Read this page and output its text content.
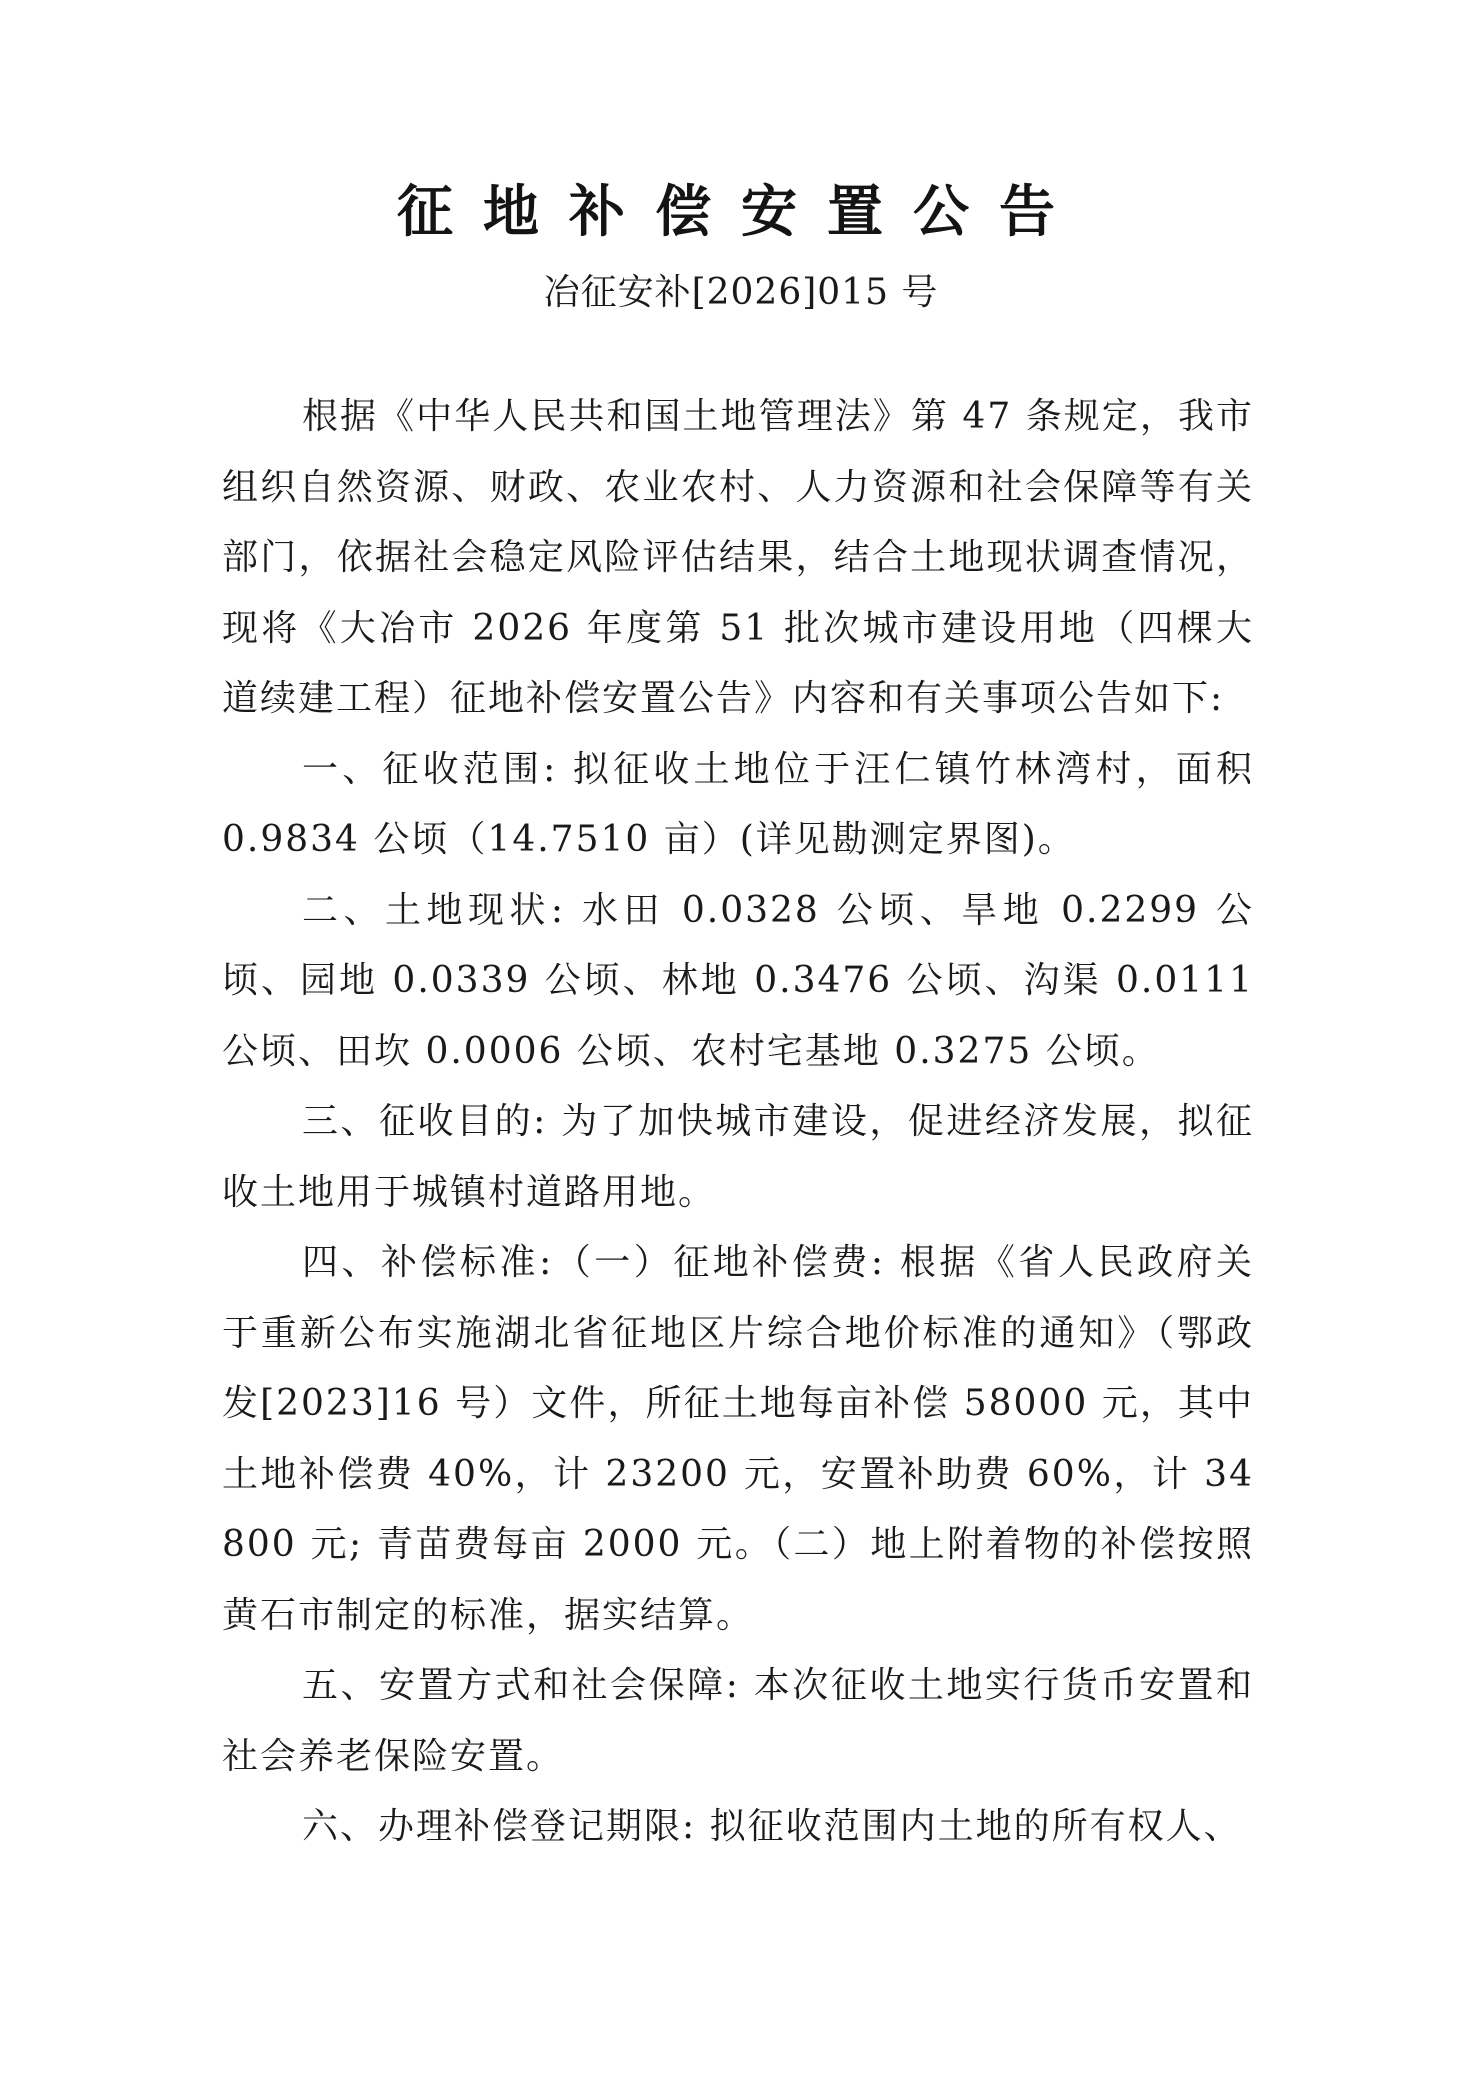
征地补偿安置公告
冶征安补[2026]015 号

根据《中华人民共和国土地管理法》第 47 条规定，我市组织自然资源、财政、农业农村、人力资源和社会保障等有关部门，依据社会稳定风险评估结果，结合土地现状调查情况，现将《大冶市 2026 年度第 51 批次城市建设用地（四棵大道续建工程）征地补偿安置公告》内容和有关事项公告如下:

一、征收范围: 拟征收土地位于汪仁镇竹林湾村，面积 0.9834 公顷（14.7510 亩）(详见勘测定界图)。

二、土地现状: 水田 0.0328 公顷、旱地 0.2299 公顷、园地 0.0339 公顷、林地 0.3476 公顷、沟渠 0.0111 公顷、田坎 0.0006 公顷、农村宅基地 0.3275 公顷。

三、征收目的: 为了加快城市建设，促进经济发展，拟征收土地用于城镇村道路用地。

四、补偿标准:（一）征地补偿费: 根据《省人民政府关于重新公布实施湖北省征地区片综合地价标准的通知》（鄂政发[2023]16 号）文件，所征土地每亩补偿 58000 元，其中土地补偿费 40%，计 23200 元，安置补助费 60%，计 34800 元; 青苗费每亩 2000 元。（二）地上附着物的补偿按照黄石市制定的标准，据实结算。

五、安置方式和社会保障: 本次征收土地实行货币安置和社会养老保险安置。

六、办理补偿登记期限: 拟征收范围内土地的所有权人、
